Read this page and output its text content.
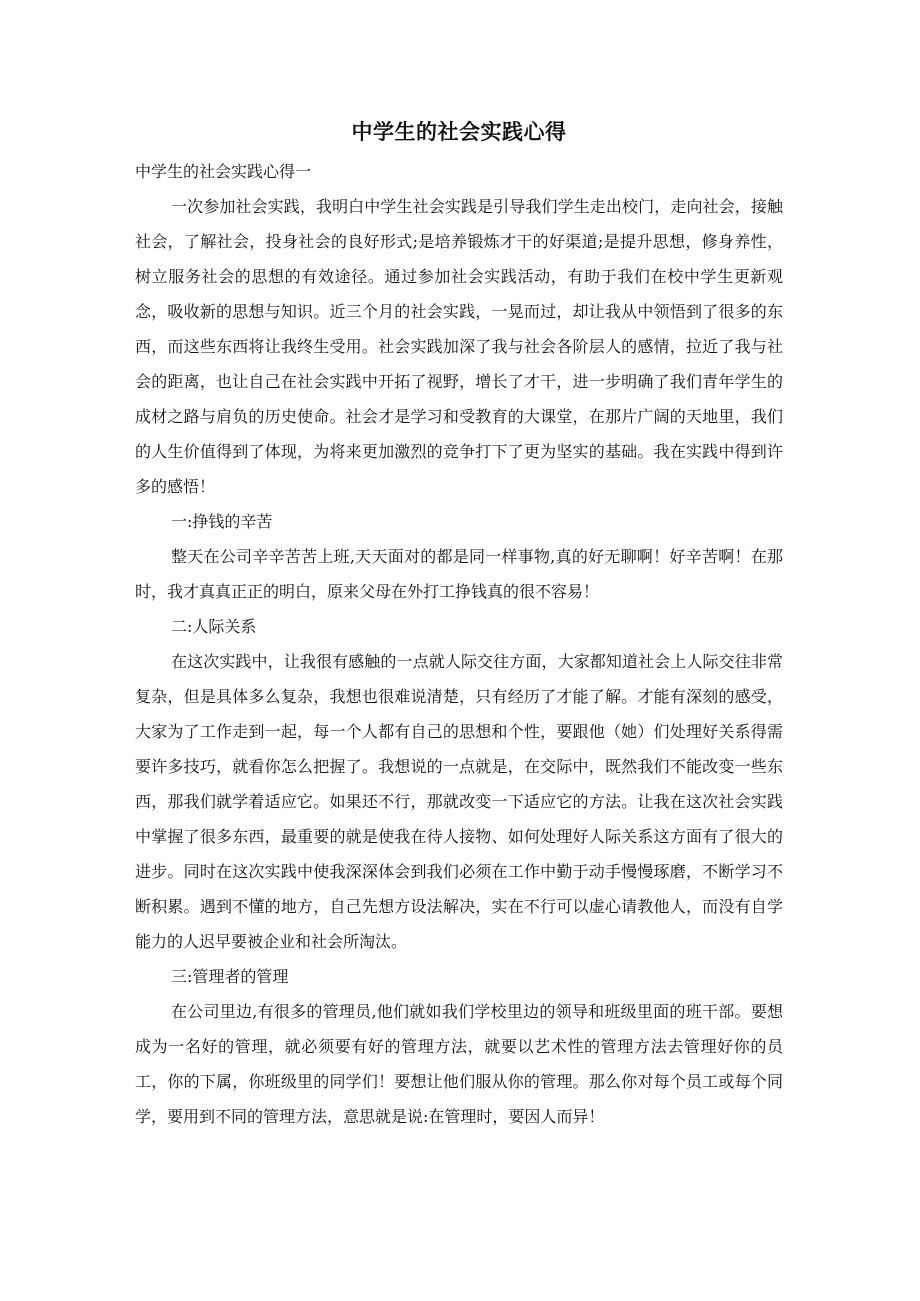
中学生的社会实践心得

中学生的社会实践心得一

一次参加社会实践，我明白中学生社会实践是引导我们学生走出校门，走向社会，接触社会，了解社会，投身社会的良好形式;是培养锻炼才干的好渠道;是提升思想，修身养性，树立服务社会的思想的有效途径。通过参加社会实践活动，有助于我们在校中学生更新观念，吸收新的思想与知识。近三个月的社会实践，一晃而过，却让我从中领悟到了很多的东西，而这些东西将让我终生受用。社会实践加深了我与社会各阶层人的感情，拉近了我与社会的距离，也让自己在社会实践中开拓了视野，增长了才干，进一步明确了我们青年学生的成材之路与肩负的历史使命。社会才是学习和受教育的大课堂，在那片广阔的天地里，我们的人生价值得到了体现，为将来更加激烈的竞争打下了更为坚实的基础。我在实践中得到许多的感悟！

一:挣钱的辛苦

整天在公司辛辛苦苦上班,天天面对的都是同一样事物,真的好无聊啊！好辛苦啊！在那时，我才真真正正的明白，原来父母在外打工挣钱真的很不容易！

二:人际关系

在这次实践中，让我很有感触的一点就人际交往方面，大家都知道社会上人际交往非常复杂，但是具体多么复杂，我想也很难说清楚，只有经历了才能了解。才能有深刻的感受，大家为了工作走到一起，每一个人都有自己的思想和个性，要跟他（她）们处理好关系得需要许多技巧，就看你怎么把握了。我想说的一点就是，在交际中，既然我们不能改变一些东西，那我们就学着适应它。如果还不行，那就改变一下适应它的方法。让我在这次社会实践中掌握了很多东西，最重要的就是使我在待人接物、如何处理好人际关系这方面有了很大的进步。同时在这次实践中使我深深体会到我们必须在工作中勤于动手慢慢琢磨，不断学习不断积累。遇到不懂的地方，自己先想方设法解决，实在不行可以虚心请教他人，而没有自学能力的人迟早要被企业和社会所淘汰。

三:管理者的管理

在公司里边,有很多的管理员,他们就如我们学校里边的领导和班级里面的班干部。要想成为一名好的管理，就必须要有好的管理方法，就要以艺术性的管理方法去管理好你的员工，你的下属，你班级里的同学们！要想让他们服从你的管理。那么你对每个员工或每个同学，要用到不同的管理方法，意思就是说:在管理时，要因人而异！
